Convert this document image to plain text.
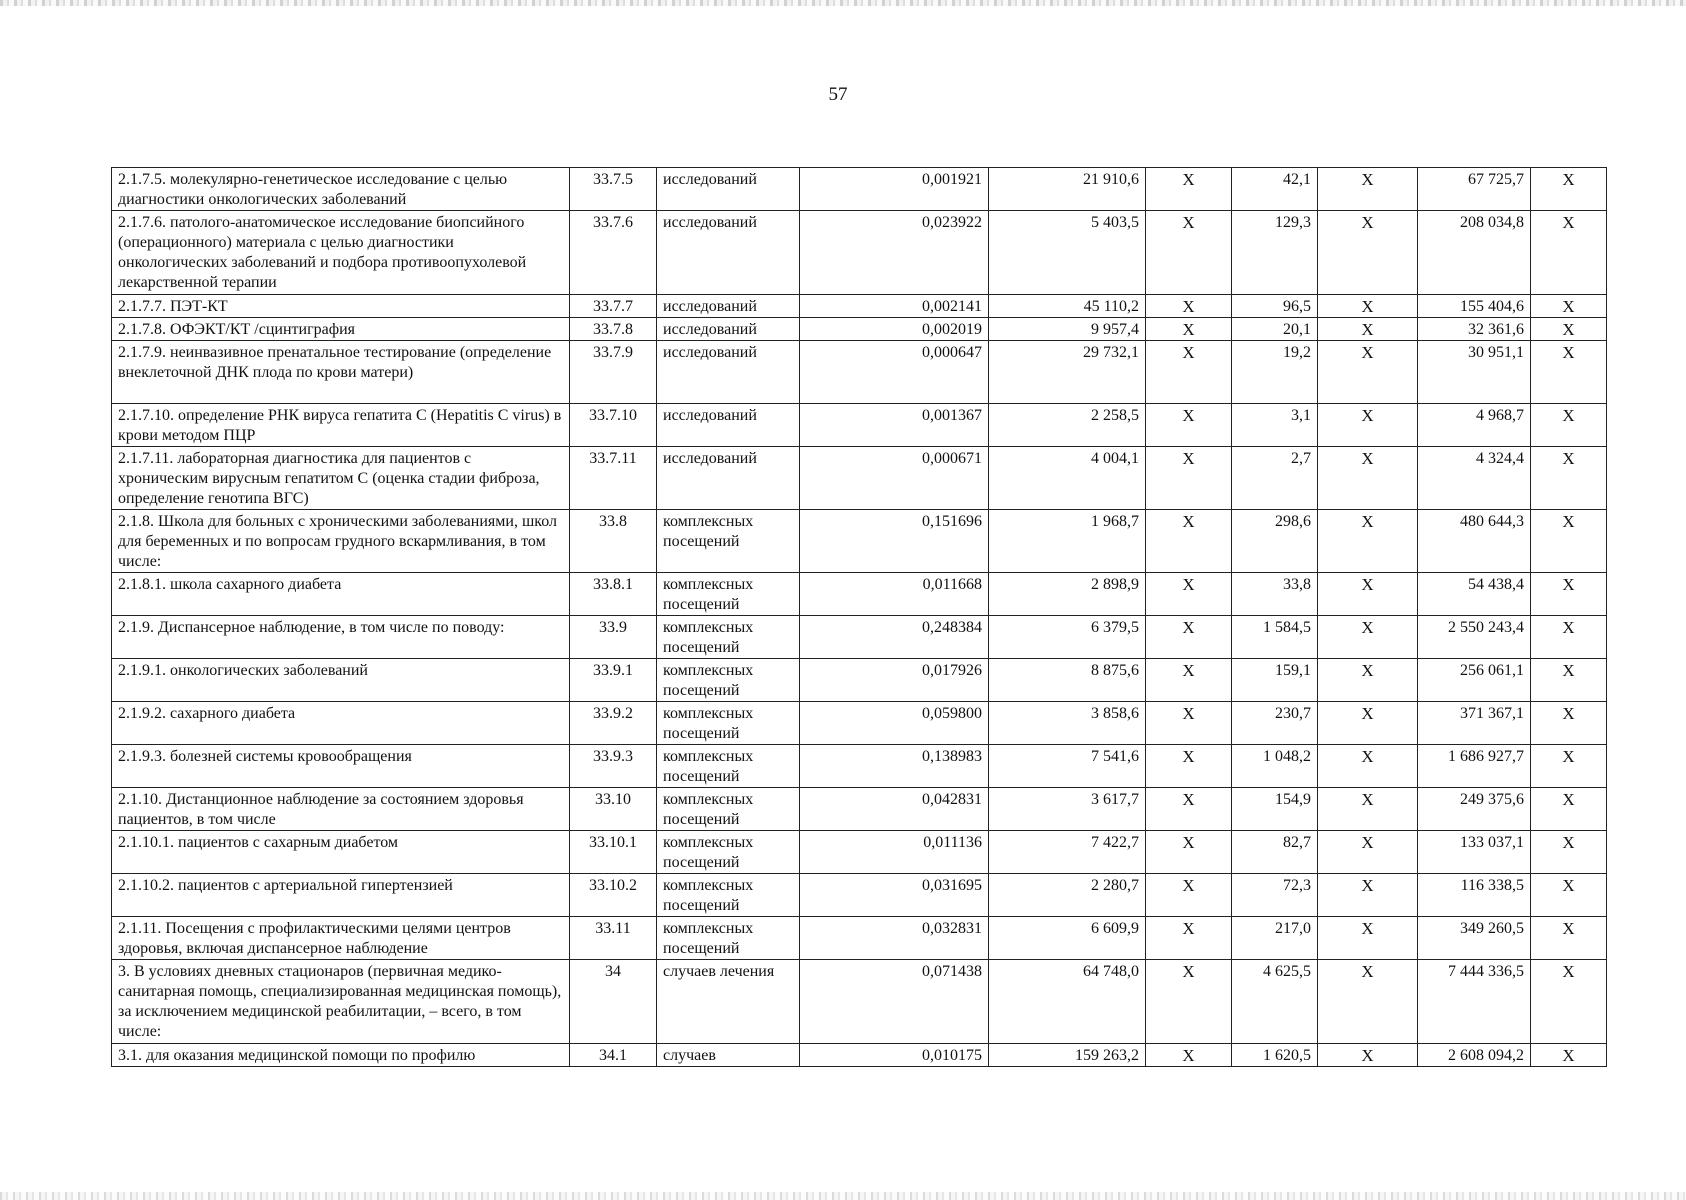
57
2.1.7.5. молекулярно-генетическое исследование с целью диагностики онкологических заболеваний	33.7.5	исследований	0,001921	21 910,6	X	42,1	X	67 725,7	X
2.1.7.6. патолого-анатомическое исследование биопсийного (операционного) материала с целью диагностики онкологических заболеваний и подбора противоопухолевой лекарственной терапии	33.7.6	исследований	0,023922	5 403,5	X	129,3	X	208 034,8	X
2.1.7.7. ПЭТ-КТ	33.7.7	исследований	0,002141	45 110,2	X	96,5	X	155 404,6	X
2.1.7.8. ОФЭКТ/КТ /сцинтиграфия	33.7.8	исследований	0,002019	9 957,4	X	20,1	X	32 361,6	X
2.1.7.9. неинвазивное пренатальное тестирование (определение внеклеточной ДНК плода по крови матери)	33.7.9	исследований	0,000647	29 732,1	X	19,2	X	30 951,1	X
2.1.7.10. определение РНК вируса гепатита С (Hepatitis C virus) в крови методом ПЦР	33.7.10	исследований	0,001367	2 258,5	X	3,1	X	4 968,7	X
2.1.7.11. лабораторная диагностика для пациентов с хроническим вирусным гепатитом С (оценка стадии фиброза, определение генотипа ВГС)	33.7.11	исследований	0,000671	4 004,1	X	2,7	X	4 324,4	X
2.1.8. Школа для больных с хроническими заболеваниями, школ для беременных и по вопросам грудного вскармливания, в том числе:	33.8	комплексных посещений	0,151696	1 968,7	X	298,6	X	480 644,3	X
2.1.8.1. школа сахарного диабета	33.8.1	комплексных посещений	0,011668	2 898,9	X	33,8	X	54 438,4	X
2.1.9. Диспансерное наблюдение, в том числе по поводу:	33.9	комплексных посещений	0,248384	6 379,5	X	1 584,5	X	2 550 243,4	X
2.1.9.1. онкологических заболеваний	33.9.1	комплексных посещений	0,017926	8 875,6	X	159,1	X	256 061,1	X
2.1.9.2. сахарного диабета	33.9.2	комплексных посещений	0,059800	3 858,6	X	230,7	X	371 367,1	X
2.1.9.3. болезней системы кровообращения	33.9.3	комплексных посещений	0,138983	7 541,6	X	1 048,2	X	1 686 927,7	X
2.1.10. Дистанционное наблюдение за состоянием здоровья пациентов, в том числе	33.10	комплексных посещений	0,042831	3 617,7	X	154,9	X	249 375,6	X
2.1.10.1. пациентов с сахарным диабетом	33.10.1	комплексных посещений	0,011136	7 422,7	X	82,7	X	133 037,1	X
2.1.10.2. пациентов с артериальной гипертензией	33.10.2	комплексных посещений	0,031695	2 280,7	X	72,3	X	116 338,5	X
2.1.11. Посещения с профилактическими целями центров здоровья, включая диспансерное наблюдение	33.11	комплексных посещений	0,032831	6 609,9	X	217,0	X	349 260,5	X
3. В условиях дневных стационаров (первичная медико-санитарная помощь, специализированная медицинская помощь), за исключением медицинской реабилитации, – всего, в том числе:	34	случаев лечения	0,071438	64 748,0	X	4 625,5	X	7 444 336,5	X
3.1. для оказания медицинской помощи по профилю	34.1	случаев	0,010175	159 263,2	X	1 620,5	X	2 608 094,2	X
